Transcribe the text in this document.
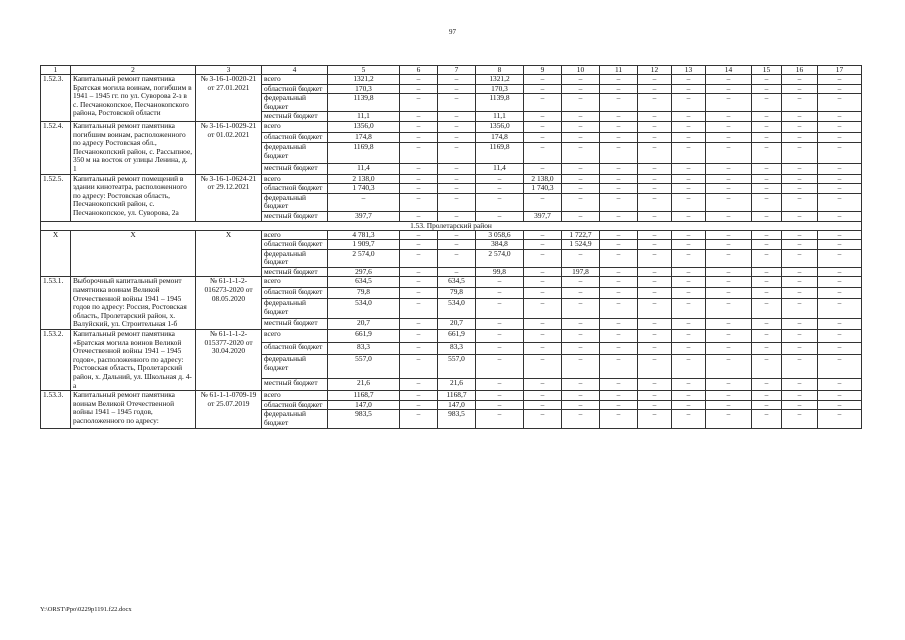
97
1	2	3	4	5	6	7	8	9	10	11	12	13	14	15	16	17
1.52.3.	Капитальный ремонт памятника Братская могила воинам, погибшим в 1941 – 1945 гг. по ул. Суворова 2-з в с. Песчанокопское, Песчанокопского района, Ростовской области	№ 3-16-1-0020-21 от 27.01.2021	всего	1321,2	–	–	1321,2	–	–	–	–	–	–	–	–	–
			областной бюджет	170,3	–	–	170,3	–	–	–	–	–	–	–	–	–
			федеральный бюджет	1139,8	–	–	1139,8	–	–	–	–	–	–	–	–	–
			местный бюджет	11,1	–	–	11,1	–	–	–	–	–	–	–	–	–
1.52.4.	Капитальный ремонт памятника погибшим воинам, расположенного по адресу Ростовская обл., Песчанокопский район, с. Рассыпное, 350 м на восток от улицы Ленина, д. 1	№ 3-16-1-0029-21 от 01.02.2021	всего	1356,0	–	–	1356,0	–	–	–	–	–	–	–	–	–
			областной бюджет	174,8	–	–	174,8	–	–	–	–	–	–	–	–	–
			федеральный бюджет	1169,8	–	–	1169,8	–	–	–	–	–	–	–	–	–
			местный бюджет	11,4	–	–	11,4	–	–	–	–	–	–	–	–	–
1.52.5.	Капитальный ремонт помещений в здании кинотеатра, расположенного по адресу: Ростовская область, Песчанокопский район, с. Песчанокопское, ул. Суворова, 2а	№ 3-16-1-0624-21 от 29.12.2021	всего	2 138,0	–	–	–	2 138,0	–	–	–	–	–	–	–	–
			областной бюджет	1 740,3	–	–	–	1 740,3	–	–	–	–	–	–	–	–
			федеральный бюджет	–	–	–	–	–	–	–	–	–	–	–	–	–
			местный бюджет	397,7	–	–	–	397,7	–	–	–	–	–	–	–	–
1.53. Пролетарский район																
X	X	X	всего	4 781,3	–	–	3 058,6	–	1 722,7	–	–	–	–	–	–	–
			областной бюджет	1 909,7	–	–	384,8	–	1 524,9	–	–	–	–	–	–	–
			федеральный бюджет	2 574,0	–	–	2 574,0	–	–	–	–	–	–	–	–	–
			местный бюджет	297,6	–	–	99,8	–	197,8	–	–	–	–	–	–	–
1.53.1.	Выборочный капитальный ремонт памятника воинам Великой Отечественной войны 1941 – 1945 годов по адресу: Россия, Ростовская область, Пролетарский район, х. Валуйский, ул. Строительная 1-б	№ 61-1-1-2-016273-2020 от 08.05.2020	всего	634,5	–	634,5	–	–	–	–	–	–	–	–	–	–
			областной бюджет	79,8	–	79,8	–	–	–	–	–	–	–	–	–	–
			федеральный бюджет	534,0	–	534,0	–	–	–	–	–	–	–	–	–	–
			местный бюджет	20,7	–	20,7	–	–	–	–	–	–	–	–	–	–
1.53.2.	Капитальный ремонт памятника «Братская могила воинов Великой Отечественной войны 1941 – 1945 годов», расположенного по адресу: Ростовская область, Пролетарский район, х. Дальний, ул. Школьная д. 4-а	№ 61-1-1-2-015377-2020 от 30.04.2020	всего	661,9	–	661,9	–	–	–	–	–	–	–	–	–	–
			областной бюджет	83,3	–	83,3	–	–	–	–	–	–	–	–	–	–
			федеральный бюджет	557,0	–	557,0	–	–	–	–	–	–	–	–	–	–
			местный бюджет	21,6	–	21,6	–	–	–	–	–	–	–	–	–	–
1.53.3.	Капитальный ремонт памятника воинам Великой Отечественной войны 1941 – 1945 годов, расположенного по адресу:	№ 61-1-1-0709-19 от 25.07.2019	всего	1168,7	–	1168,7	–	–	–	–	–	–	–	–	–	–
			областной бюджет	147,0	–	147,0	–	–	–	–	–	–	–	–	–	–
			федеральный бюджет	983,5	–	983,5	–	–	–	–	–	–	–	–	–	–
Y:\ORST\Ppo\0229p1191.f22.docx
